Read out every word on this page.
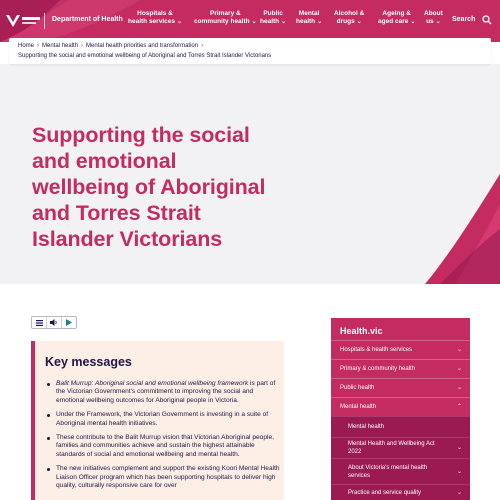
Department of Health
Hospitals &
health services ⌄
Primary &
community health ⌄
Public
health ⌄
Mental
health ⌄
Alcohol &
drugs ⌄
Ageing &
aged care ⌄
About
us ⌄ Search
Supporting the social
and emotional
wellbeing of Aboriginal
and Torres Strait
Islander Victorians
Home › Mental health › Mental health priorities and transformation ›
Supporting the social and emotional wellbeing of Aboriginal and Torres Strait Islander Victorians
Key messages
Balit Murrup: Aboriginal social and emotional wellbeing framework is part of the Victorian Government's commitment to improving the social and emotional wellbeing outcomes for Aboriginal people in Victoria.
Under the Framework, the Victorian Government is investing in a suite of Aboriginal mental health initiatives.
These contribute to the Balit Murrup vision that Victorian Aboriginal people, families and communities achieve and sustain the highest attainable standards of social and emotional wellbeing and mental health.
The new initiatives complement and support the existing Koori Mental Health Liaison Officer program which has been supporting hospitals to deliver high quality, culturally responsive care for over
Health.vic
Hospitals & health services	⌄
Primary & community health	⌄
Public health	⌄
Mental health	⌃
Mental health
Mental Health and Wellbeing Act
2022
⌄
About Victoria's mental health
services
⌄
Practice and service quality	⌄
